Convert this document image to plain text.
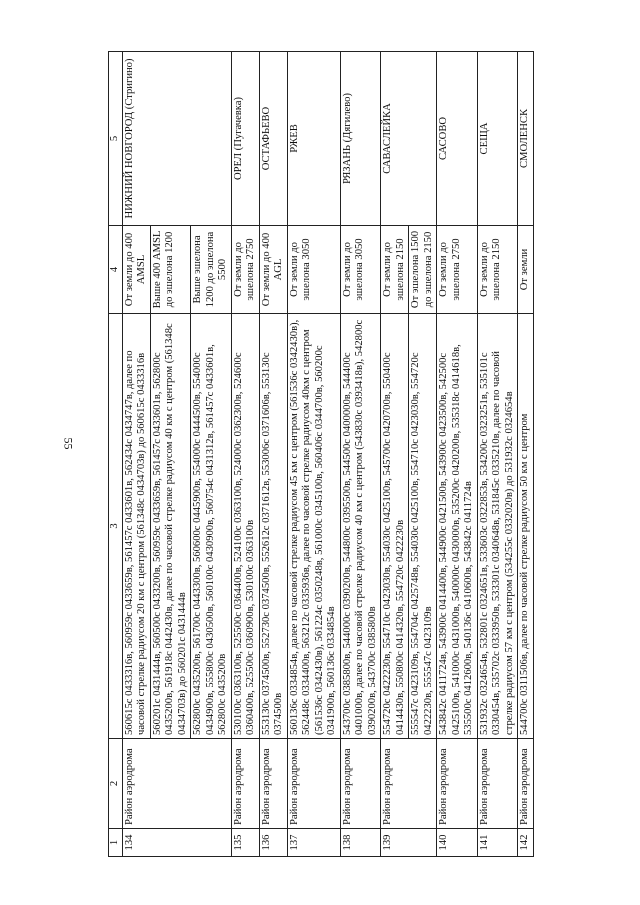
55
1	2	3	4	5
134	Район аэродрома	560615с 0433316в, 560959с 0433659в, 561457с 0433601в, 562434с 0434747в, далее по часовой стрелке радиусом 20 км с центром (561348с 0434703в) до 560615с 0433316в	От земли до 400 AMSL	НИЖНИЙ НОВГОРОД (Стригино)
		560201с 0431444в, 560500с 0433200в, 560959с 0433659в, 561457с 0433601в, 562800с 0435200в, 561918с 0442430в, далее по часовой стрелке радиусом 40 км с центром (561348с 0434703в) до 560201с 0431444в	Выше 400 AMSL до эшелона 1200	
		562800с 0435200в, 561700с 0443300в, 560600с 0445900в, 554000с 0444500в, 554000с 0434900в, 555800с 0430500в, 560100с 0430900в, 560754с 0431312в, 561457с 0433601в, 562800с 0435200в	Выше эшелона 1200 до эшелона 5500	
135	Район аэродрома	530100с 0363100в, 525500с 0364400в, 524100с 0363100в, 524000с 0362300в, 524600с 0360400в, 525500с 0360900в, 530100с 0363100в	От земли до эшелона 2750	ОРЕЛ (Пугачевка)
136	Район аэродрома	553130с 0374500в, 552730с 0374500в, 552612с 0371612в, 553006с 0371606в, 553130с 0374500в	От земли до 400 AGL	ОСТАФЬЕВО
137	Район аэродрома	560136с 0334854в, далее по часовой стрелке радиусом 45 км с центром (561536с 0342430в), 562448с 0334400в, 563212с 0335936в, далее по часовой стрелке радиусом 40км с центром (561536с 0342430в), 561224с 0350248в, 561000с 0345100в, 560406с 0344700в, 560200с 0341900в, 560136с 0334854в	От земли до эшелона 3050	РЖЕВ
138	Район аэродрома	543700с 0385800в, 544000с 0390200в, 544800с 0395500в, 544500с 0400000в, 544400с 0401000в, далее по часовой стрелке радиусом 40 км с центром (543830с 0393418в), 542800с 0390200в, 543700с 0385800в	От земли до эшелона 3050	РЯЗАНЬ (Дягилево)
139	Район аэродрома	554720с 0422230в, 554710с 0423030в, 554030с 0425100в, 545700с 0420700в, 550400с 0414430в, 550800с 0414320в, 554720с 0422230в	От земли до эшелона 2150	САВАСЛЕЙКА
		555547с 0423109в, 554704с 0425748в, 554030с 0425100в, 554710с 0423030в, 554720с 0422230в, 555547с 0423109в	От эшелона 1500 до эшелона 2150	
140	Район аэродрома	543842с 0411724в, 543900с 0414400в, 544900с 0421500в, 543900с 0423500в, 542500с 0425100в, 541000с 0431000в, 540000с 0430000в, 535200с 0420200в, 535318с 0414618в, 535500с 0412600в, 540136с 0410600в, 543842с 0411724в	От земли до эшелона 2750	САСОВО
141	Район аэродрома	531932с 0324654в, 532801с 0324651в, 533603с 0322853в, 534200с 0323251в, 535101с 0330454в, 535702с 0333950в, 533301с 0340648в, 531845с 0335210в, далее по часовой стрелке радиусом 57 км с центром (534255с 0332020в) до 531932с 0324654в	От земли до эшелона 2150	СЕЩА
142	Район аэродрома	544700с 0311506в, далее по часовой стрелке радиусом 50 км с центром	От земли	СМОЛЕНСК
